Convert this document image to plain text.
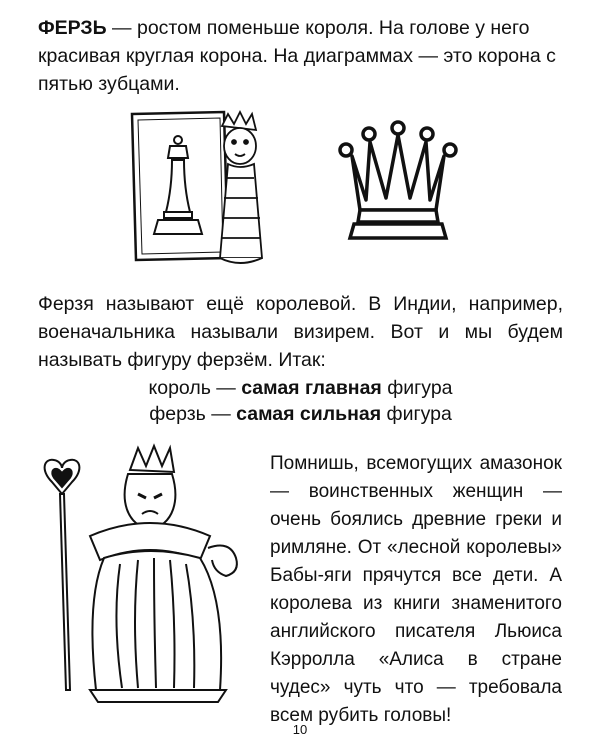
ФЕРЗЬ — ростом поменьше короля. На голове у него красивая круглая корона. На диаграммах — это корона с пятью зубцами.

Ферзя называют ещё королевой. В Индии, например, военачальника называли визирем. Вот и мы будем называть фигуру ферзём. Итак:

король — самая главная фигура
ферзь — самая сильная фигура

Помнишь, всемогущих амазонок — воинственных женщин — очень боялись древние греки и римляне. От «лесной королевы» Бабы-яги прячутся все дети. А королева из книги знаменитого английского писателя Льюиса Кэрролла «Алиса в стране чудес» чуть что — требовала всем рубить головы!

10
